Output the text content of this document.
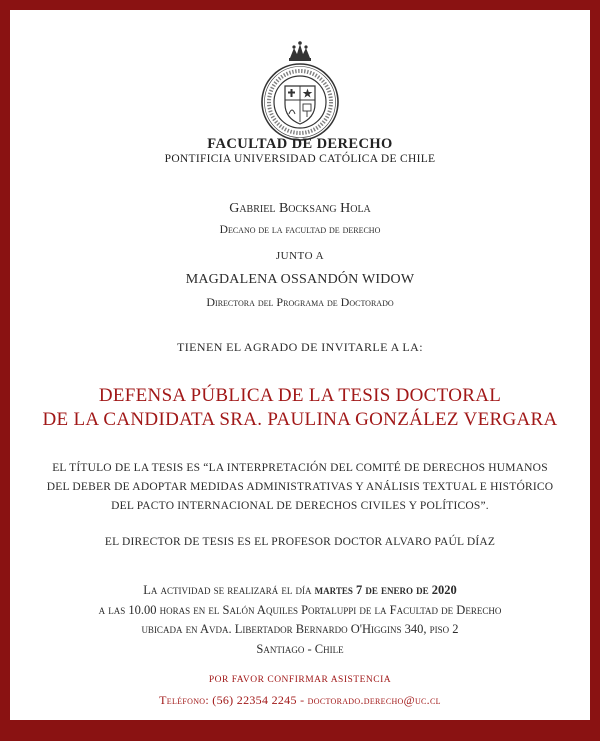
FACULTAD DE DERECHO
PONTIFICIA UNIVERSIDAD CATÓLICA DE CHILE
Gabriel Bocksang Hola
Decano de la facultad de derecho
JUNTO A
MAGDALENA OSSANDÓN WIDOW
Directora del Programa de Doctorado
TIENEN EL AGRADO DE INVITARLE A LA:
DEFENSA PÚBLICA DE LA TESIS DOCTORAL
DE LA CANDIDATA SRA. PAULINA GONZÁLEZ VERGARA
EL TÍTULO DE LA TESIS ES “LA INTERPRETACIÓN DEL COMITÉ DE DERECHOS HUMANOS
DEL DEBER DE ADOPTAR MEDIDAS ADMINISTRATIVAS Y ANÁLISIS TEXTUAL E HISTÓRICO
DEL PACTO INTERNACIONAL DE DERECHOS CIVILES Y POLÍTICOS”.
EL DIRECTOR DE TESIS ES EL PROFESOR DOCTOR ALVARO PAÚL DÍAZ
La actividad se realizará el día martes 7 de enero de 2020
a las 10.00 horas en el Salón Aquiles Portaluppi de la Facultad de Derecho
ubicada en Avda. Libertador Bernardo O'Higgins 340, piso 2
Santiago - Chile
POR FAVOR CONFIRMAR ASISTENCIA
Teléfono: (56) 22354 2245 - doctorado.derecho@uc.cl
